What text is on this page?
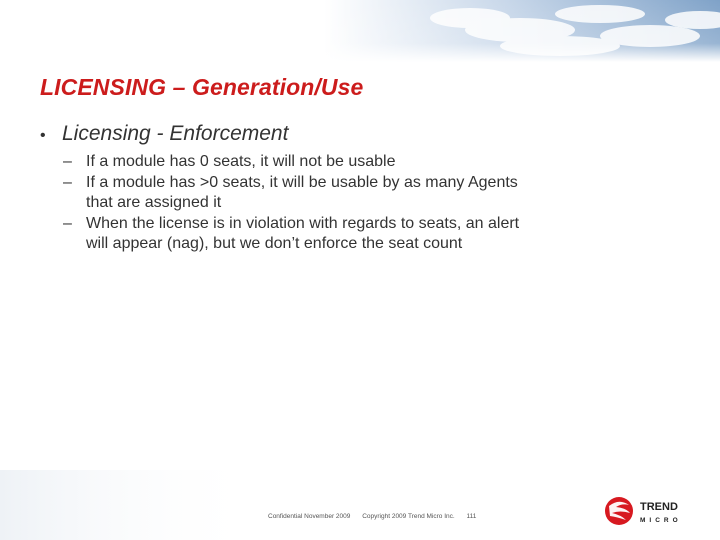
LICENSING – Generation/Use
• Licensing - Enforcement
– If a module has 0 seats, it will not be usable
– If a module has >0 seats, it will be usable by as many Agents that are assigned it
– When the license is in violation with regards to seats, an alert will appear (nag), but we don’t enforce the seat count
Confidential November 2009 Copyright 2009 Trend Micro Inc. 111
TREND
MICRO
